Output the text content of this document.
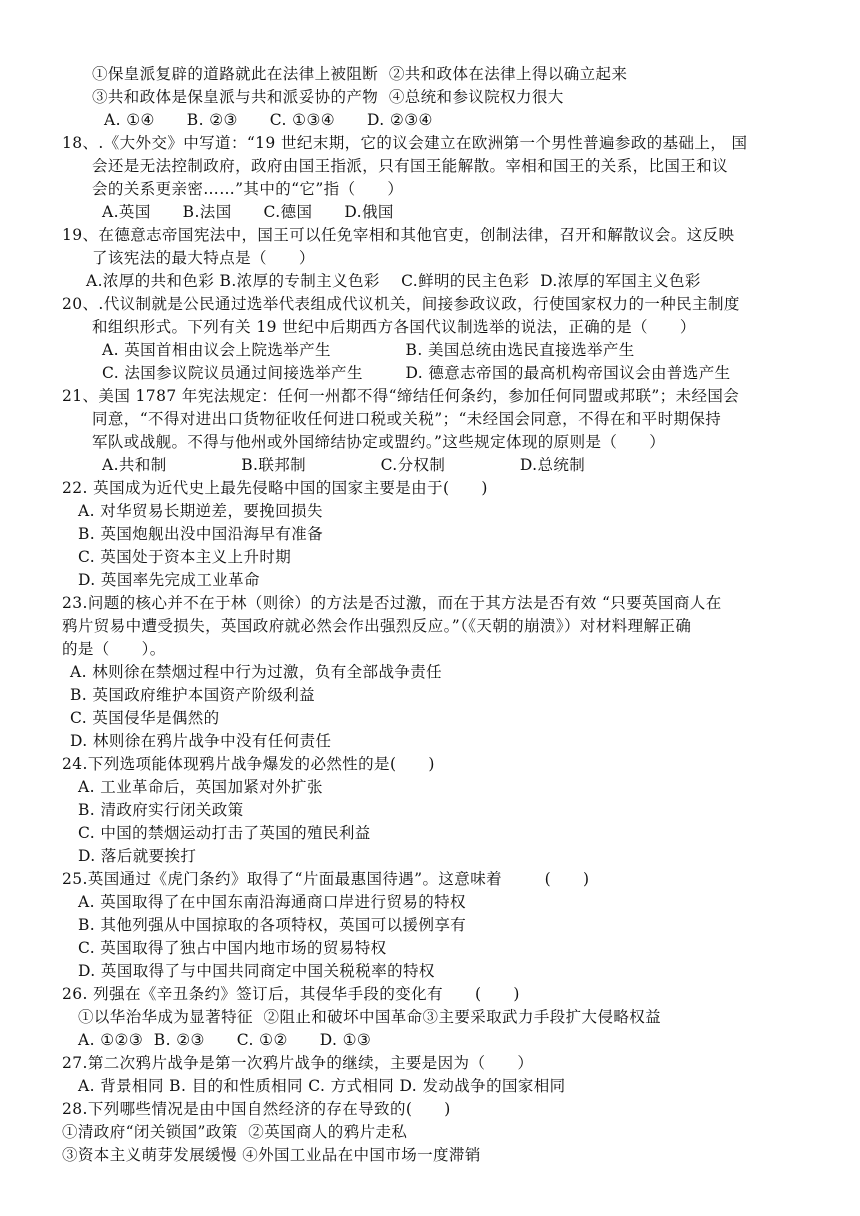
①保皇派复辟的道路就此在法律上被阻断  ②共和政体在法律上得以确立起来
③共和政体是保皇派与共和派妥协的产物  ④总统和参议院权力很大
A. ①④      B. ②③      C. ①③④      D. ②③④
18、.《大外交》中写道：“19 世纪末期，它的议会建立在欧洲第一个男性普遍参政的基础上， 国
会还是无法控制政府，政府由国王指派，只有国王能解散。宰相和国王的关系，比国王和议
会的关系更亲密……”其中的“它”指（      ）
A.英国      B.法国      C.德国      D.俄国
19、在德意志帝国宪法中，国王可以任免宰相和其他官吏，创制法律，召开和解散议会。这反映
了该宪法的最大特点是（      ）
A.浓厚的共和色彩 B.浓厚的专制主义色彩    C.鲜明的民主色彩  D.浓厚的军国主义色彩
20、.代议制就是公民通过选举代表组成代议机关，间接参政议政，行使国家权力的一种民主制度
和组织形式。下列有关 19 世纪中后期西方各国代议制选举的说法，正确的是（      ）
A. 英国首相由议会上院选举产生              B. 美国总统由选民直接选举产生
C. 法国参议院议员通过间接选举产生        D. 德意志帝国的最高机构帝国议会由普选产生
21、美国 1787 年宪法规定：任何一州都不得“缔结任何条约，参加任何同盟或邦联”；未经国会
同意，“不得对进出口货物征收任何进口税或关税”；“未经国会同意，不得在和平时期保持
军队或战舰。不得与他州或外国缔结协定或盟约。”这些规定体现的原则是（      ）
A.共和制              B.联邦制              C.分权制              D.总统制
22. 英国成为近代史上最先侵略中国的国家主要是由于(      )
A. 对华贸易长期逆差，要挽回损失
B. 英国炮舰出没中国沿海早有准备
C. 英国处于资本主义上升时期
D. 英国率先完成工业革命
23.问题的核心并不在于林（则徐）的方法是否过激，而在于其方法是否有效 “只要英国商人在
鸦片贸易中遭受损失，英国政府就必然会作出强烈反应。”（《天朝的崩溃》）对材料理解正确
的是（      ）。
A. 林则徐在禁烟过程中行为过激，负有全部战争责任
B. 英国政府维护本国资产阶级利益
C. 英国侵华是偶然的
D. 林则徐在鸦片战争中没有任何责任
24.下列选项能体现鸦片战争爆发的必然性的是(      )
A. 工业革命后，英国加紧对外扩张
B. 清政府实行闭关政策
C. 中国的禁烟运动打击了英国的殖民利益
D. 落后就要挨打
25.英国通过《虎门条约》取得了“片面最惠国待遇”。这意味着        (      )
A. 英国取得了在中国东南沿海通商口岸进行贸易的特权
B. 其他列强从中国掠取的各项特权，英国可以援例享有
C. 英国取得了独占中国内地市场的贸易特权
D. 英国取得了与中国共同商定中国关税税率的特权
26. 列强在《辛丑条约》签订后，其侵华手段的变化有      (      )
①以华治华成为显著特征  ②阻止和破坏中国革命③主要采取武力手段扩大侵略权益
A. ①②③  B. ②③      C. ①②      D. ①③
27.第二次鸦片战争是第一次鸦片战争的继续，主要是因为（      ）
A. 背景相同 B. 目的和性质相同 C. 方式相同 D. 发动战争的国家相同
28.下列哪些情况是由中国自然经济的存在导致的(      )
①清政府“闭关锁国”政策  ②英国商人的鸦片走私
③资本主义萌芽发展缓慢 ④外国工业品在中国市场一度滞销
